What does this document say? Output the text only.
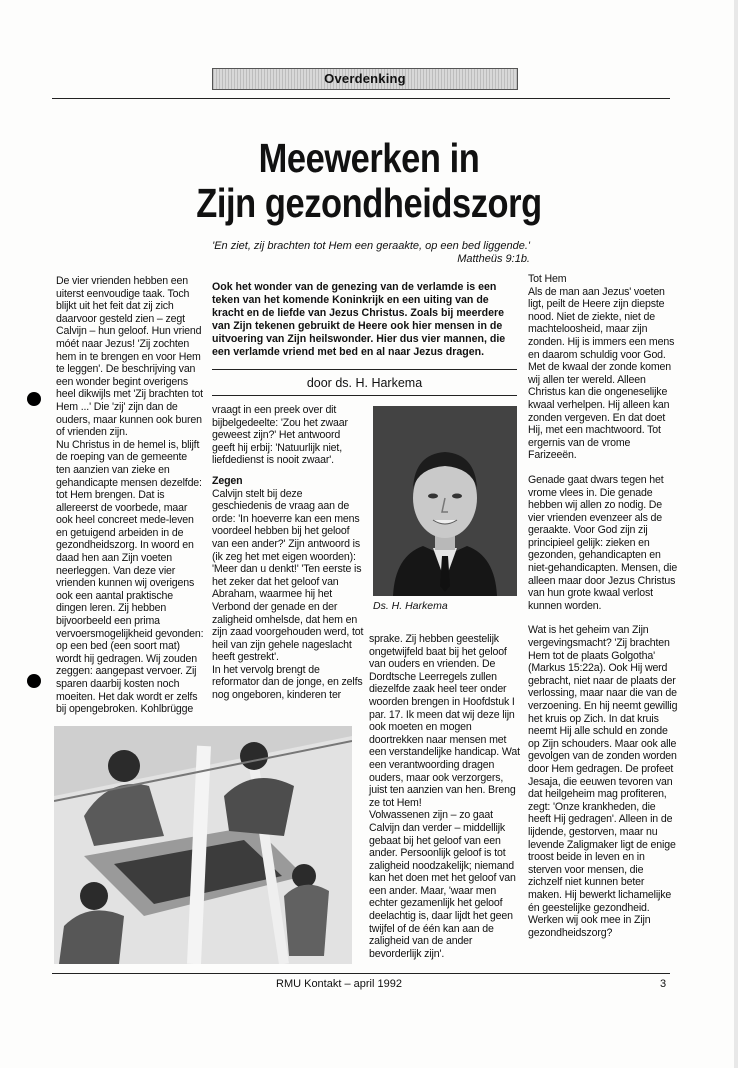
Overdenking
Meewerken in
Zijn gezondheidszorg
'En ziet, zij brachten tot Hem een geraakte, op een bed liggende.'
Mattheüs 9:1b.

De vier vrienden hebben een uiterst eenvoudige taak. Toch blijkt uit het feit dat zij zich daarvoor gesteld zien – zegt Calvijn – hun geloof. Hun vriend móét naar Jezus! 'Zij zochten hem in te brengen en voor Hem te leggen'. De beschrijving van een wonder begint overigens heel dikwijls met 'Zij brachten tot Hem ...' Die 'zij' zijn dan de ouders, maar kunnen ook buren of vrienden zijn.

Nu Christus in de hemel is, blijft de roeping van de gemeente ten aanzien van zieke en gehandicapte mensen dezelfde: tot Hem brengen. Dat is allereerst de voorbede, maar ook heel concreet mede-leven en getuigend arbeiden in de gezondheidszorg. In woord en daad hen aan Zijn voeten neerleggen. Van deze vier vrienden kunnen wij overigens ook een aantal praktische dingen leren. Zij hebben bijvoorbeeld een prima vervoersmogelijkheid gevonden: op een bed (een soort mat) wordt hij gedragen. Wij zouden zeggen: aangepast vervoer. Zij sparen daarbij kosten noch moeiten. Het dak wordt er zelfs bij opengebroken. Kohlbrügge

Ook het wonder van de genezing van de verlamde is een teken van het komende Koninkrijk en een uiting van de kracht en de liefde van Jezus Christus. Zoals bij meerdere van Zijn tekenen gebruikt de Heere ook hier mensen in de uitvoering van Zijn heilswonder. Hier dus vier mannen, die een verlamde vriend met bed en al naar Jezus dragen.
door ds. H. Harkema

vraagt in een preek over dit bijbelgedeelte: 'Zou het zwaar geweest zijn?' Het antwoord geeft hij erbij: 'Natuurlijk niet, liefdedienst is nooit zwaar'.

Zegen

Calvijn stelt bij deze geschiedenis de vraag aan de orde: 'In hoeverre kan een mens voordeel hebben bij het geloof van een ander?' Zijn antwoord is (ik zeg het met eigen woorden): 'Meer dan u denkt!' 'Ten eerste is het zeker dat het geloof van Abraham, waarmee hij het Verbond der genade en der zaligheid omhelsde, dat hem en zijn zaad voorgehouden werd, tot heil van zijn gehele nageslacht heeft gestrekt'.

In het vervolg brengt de reformator dan de jonge, en zelfs nog ongeboren, kinderen ter

Ds. H. Harkema

sprake. Zij hebben geestelijk ongetwijfeld baat bij het geloof van ouders en vrienden. De Dordtsche Leerregels zullen diezelfde zaak heel teer onder woorden brengen in Hoofdstuk I par. 17. Ik meen dat wij deze lijn ook moeten en mogen doortrekken naar mensen met een verstandelijke handicap. Wat een verantwoording dragen ouders, maar ook verzorgers, juist ten aanzien van hen. Breng ze tot Hem!

Volwassenen zijn – zo gaat Calvijn dan verder – middellijk gebaat bij het geloof van een ander. Persoonlijk geloof is tot zaligheid noodzakelijk; niemand kan het doen met het geloof van een ander. Maar, 'waar men echter gezamenlijk het geloof deelachtig is, daar lijdt het geen twijfel of de één kan aan de zaligheid van de ander bevorderlijk zijn'.

Tot Hem

Als de man aan Jezus' voeten ligt, peilt de Heere zijn diepste nood. Niet de ziekte, niet de machteloosheid, maar zijn zonden. Hij is immers een mens en daarom schuldig voor God. Met de kwaal der zonde komen wij allen ter wereld. Alleen Christus kan die ongeneselijke kwaal verhelpen. Hij alleen kan zonden vergeven. En dat doet Hij, met een machtwoord. Tot ergernis van de vrome Farizeeën.

Genade gaat dwars tegen het vrome vlees in. Die genade hebben wij allen zo nodig. De vier vrienden evenzeer als de geraakte. Voor God zijn zij principieel gelijk: zieken en gezonden, gehandicapten en niet-gehandicapten. Mensen, die alleen maar door Jezus Christus van hun grote kwaal verlost kunnen worden.

Wat is het geheim van Zijn vergevingsmacht? 'Zij brachten Hem tot de plaats Golgotha' (Markus 15:22a). Ook Hij werd gebracht, niet naar de plaats der verlossing, maar naar die van de verzoening. En hij neemt gewillig het kruis op Zich. In dat kruis neemt Hij alle schuld en zonde op Zijn schouders. Maar ook alle gevolgen van de zonden worden door Hem gedragen. De profeet Jesaja, die eeuwen tevoren van dat heilgeheim mag profiteren, zegt: 'Onze krankheden, die heeft Hij gedragen'. Alleen in de lijdende, gestorven, maar nu levende Zaligmaker ligt de enige troost beide in leven en in sterven voor mensen, die zichzelf niet kunnen beter maken. Hij bewerkt lichamelijke én geestelijke gezondheid. Werken wij ook mee in Zijn gezondheidszorg?

RMU Kontakt – april 1992	3
